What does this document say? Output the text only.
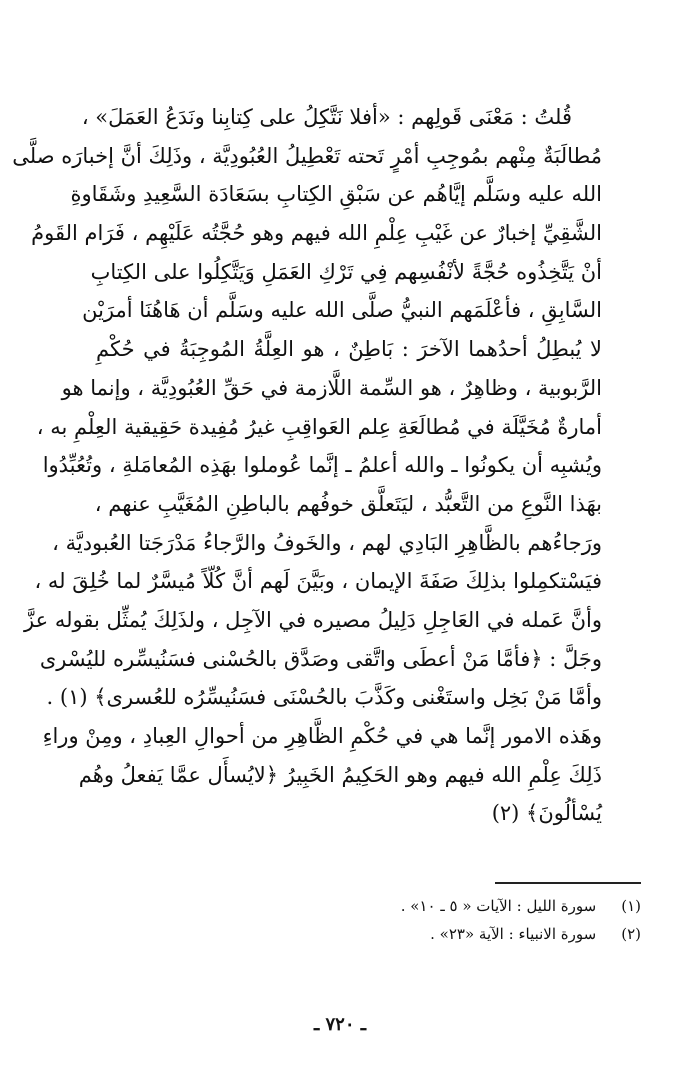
قُلتُ : مَعْنَى قَولِهم : «أفلا نَتَّكِلُ على كِتابِنا ونَدَعُ العَمَلَ» ،
مُطالَبَةٌ مِنْهم بمُوجِبِ أمْرٍ تَحته تَعْطِيلُ العُبُودِيَّة ، وذَلِكَ أنَّ إخبارَه صلَّى
الله عليه وسَلَّم إيَّاهُم عن سَبْقِ الكِتابِ بسَعَادَة السَّعِيدِ وشَقَاوةِ
الشَّقِيِّ إخبارٌ عن غَيْبِ عِلْمِ الله فيهم وهو حُجَّتُه عَلَيْهِم ، فَرَام القَومُ
أنْ يَتَّخِذُوه حُجَّةً لأنْفُسِهم فِي تَرْكِ العَمَلِ وَيَتَّكِلُوا على الكِتابِ
السَّابِقِ ، فأعْلَمَهم النبيُّ صلَّى الله عليه وسَلَّم أن هَاهُنَا أمرَيْن
لا يُبطِلُ أحدُهما الآخرَ : بَاطِنٌ ، هو العِلَّةُ المُوجِبَةُ في حُكْمِ
الرَّبوبية ، وظاهِرٌ ، هو السِّمة اللَّازمة في حَقِّ العُبُودِيَّة ، وإنما هو
أمارةٌ مُخَيَّلَة في مُطالَعَةِ عِلم العَواقِبِ غيرُ مُفِيدة حَقِيقية العِلْمِ به ،
ويُشبِه أن يكونُوا ـ والله أعلمُ ـ إنَّما عُوملوا بهَذِه المُعامَلةِ ، وتُعُبِّدُوا
بهَذا النَّوعِ من التَّعبُّد ، ليَتَعلَّق خوفُهم بالباطِنِ المُغَيَّبِ عنهم ،
ورَجاءُهم بالظَّاهِرِ البَادِي لهم ، والخَوفُ والرَّجاءُ مَدْرَجَتا العُبوديَّة ،
فيَسْتكمِلوا بذلِكَ صَفَةَ الإيمان ، وبَيَّنَ لَهم أنَّ كُلّاً مُيسَّرٌ لما خُلِقَ له ،
وأنَّ عَمله في العَاجِلِ دَلِيلُ مصيره في الآجِل ، ولذَلِكَ يُمثِّل بقوله عزَّ
وجَلَّ : ﴿فأمَّا مَنْ أعطَى واتَّقى وصَدَّق بالحُسْنى فسَنُيسِّره لليُسْرى
وأمَّا مَنْ بَخِل واستَغْنى وكَذَّبَ بالحُسْنَى فسَنُيسِّرُه للعُسرى﴾ (١) .
وهَذه الامور إنَّما هي في حُكْمِ الظَّاهِرِ من أحوالِ العِبادِ ، ومِنْ وراءِ
ذَلِكَ عِلْمِ الله فيهم وهو الحَكِيمُ الخَبِيرُ ﴿لايُسأَل عمَّا يَفعلُ وهُم
يُسْألُونَ﴾ (٢)
(١) سورة الليل : الآيات « ٥ ـ ١٠» .
(٢) سورة الانبياء : الآية «٢٣» .
ـ ٧٢٠ ـ
